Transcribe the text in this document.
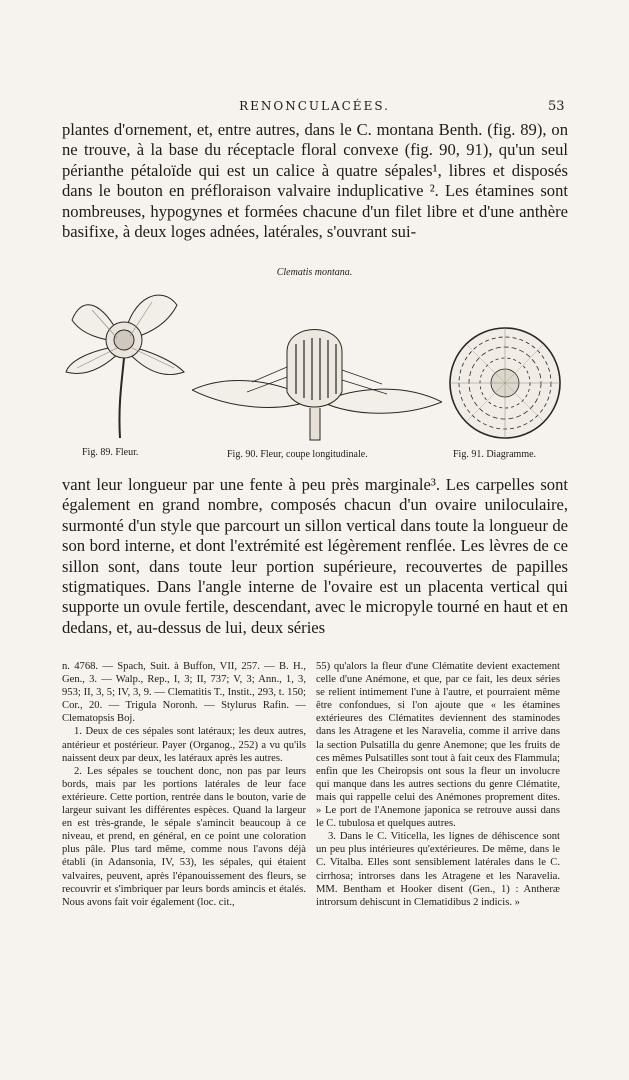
RENONCULACÉES.	53

plantes d'ornement, et, entre autres, dans le C. montana Benth. (fig. 89), on ne trouve, à la base du réceptacle floral convexe (fig. 90, 91), qu'un seul périanthe pétaloïde qui est un calice à quatre sépales¹, libres et disposés dans le bouton en préfloraison valvaire induplicative ². Les étamines sont nombreuses, hypogynes et formées chacune d'un filet libre et d'une anthère basifixe, à deux loges adnées, latérales, s'ouvrant sui-

Clematis montana.
Fig. 89. Fleur.	Fig. 90. Fleur, coupe longitudinale.	Fig. 91. Diagramme.

vant leur longueur par une fente à peu près marginale³. Les carpelles sont également en grand nombre, composés chacun d'un ovaire uniloculaire, surmonté d'un style que parcourt un sillon vertical dans toute la longueur de son bord interne, et dont l'extrémité est légèrement renflée. Les lèvres de ce sillon sont, dans toute leur portion supérieure, recouvertes de papilles stigmatiques. Dans l'angle interne de l'ovaire est un placenta vertical qui supporte un ovule fertile, descendant, avec le micropyle tourné en haut et en dedans, et, au-dessus de lui, deux séries

n. 4768. — Spach, Suit. à Buffon, VII, 257. — B. H., Gen., 3. — Walp., Rep., I, 3; II, 737; V, 3; Ann., 1, 3, 953; II, 3, 5; IV, 3, 9. — Clematitis T., Instit., 293, t. 150; Cor., 20. — Trigula Noronh. — Stylurus Rafin. — Clematopsis Boj.

1. Deux de ces sépales sont latéraux; les deux autres, antérieur et postérieur. Payer (Organog., 252) a vu qu'ils naissent deux par deux, les latéraux après les autres.

2. Les sépales se touchent donc, non pas par leurs bords, mais par les portions latérales de leur face extérieure. Cette portion, rentrée dans le bouton, varie de largeur suivant les différentes espèces. Quand la largeur en est très-grande, le sépale s'amincit beaucoup à ce niveau, et prend, en général, en ce point une coloration plus pâle. Plus tard même, comme nous l'avons déjà établi (in Adansonia, IV, 53), les sépales, qui étaient valvaires, peuvent, après l'épanouissement des fleurs, se recouvrir et s'imbriquer par leurs bords amincis et étalés. Nous avons fait voir également (loc. cit.,

55) qu'alors la fleur d'une Clématite devient exactement celle d'une Anémone, et que, par ce fait, les deux séries se relient intimement l'une à l'autre, et pourraient même être confondues, si l'on ajoute que « les étamines extérieures des Clématites deviennent des staminodes dans les Atragene et les Naravelia, comme il arrive dans la section Pulsatilla du genre Anemone; que les fruits de ces mêmes Pulsatilles sont tout à fait ceux des Flammula; enfin que les Cheiropsis ont sous la fleur un involucre qui manque dans les autres sections du genre Clématite, mais qui rappelle celui des Anémones proprement dites. » Le port de l'Anemone japonica se retrouve aussi dans le C. tubulosa et quelques autres.

3. Dans le C. Viticella, les lignes de déhiscence sont un peu plus intérieures qu'extérieures. De même, dans le C. Vitalba. Elles sont sensiblement latérales dans le C. cirrhosa; introrses dans les Atragene et les Naravelia. MM. Bentham et Hooker disent (Gen., 1) : Antheræ introrsum dehiscunt in Clematidibus 2 indicis. »
